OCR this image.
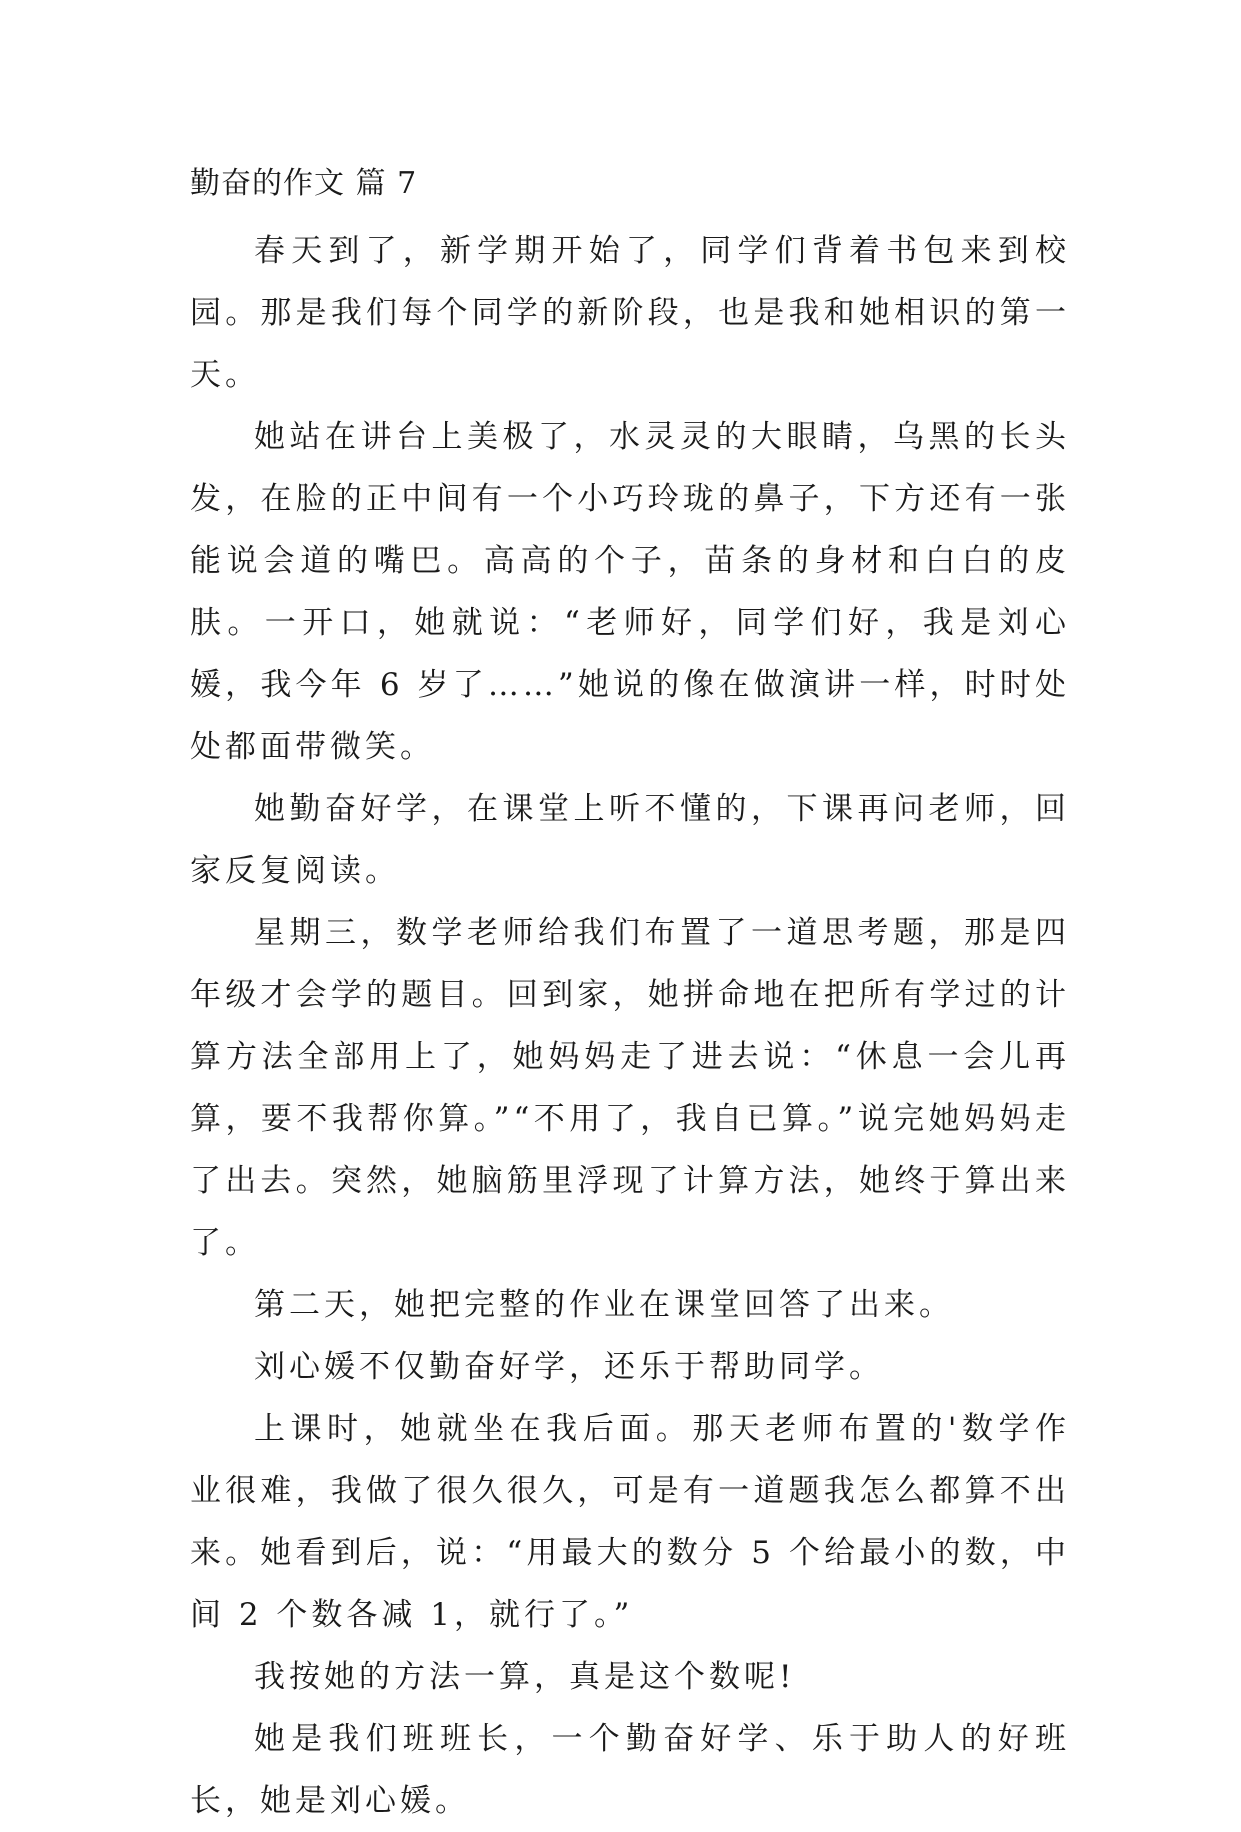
勤奋的作文 篇 7

春天到了，新学期开始了，同学们背着书包来到校园。那是我们每个同学的新阶段，也是我和她相识的第一天。

她站在讲台上美极了，水灵灵的大眼睛，乌黑的长头发，在脸的正中间有一个小巧玲珑的鼻子，下方还有一张能说会道的嘴巴。高高的个子，苗条的身材和白白的皮肤。一开口，她就说：“老师好，同学们好，我是刘心媛，我今年 6 岁了……”她说的像在做演讲一样，时时处处都面带微笑。

她勤奋好学，在课堂上听不懂的，下课再问老师，回家反复阅读。

星期三，数学老师给我们布置了一道思考题，那是四年级才会学的题目。回到家，她拼命地在把所有学过的计算方法全部用上了，她妈妈走了进去说：“休息一会儿再算，要不我帮你算。”“不用了，我自已算。”说完她妈妈走了出去。突然，她脑筋里浮现了计算方法，她终于算出来了。

第二天，她把完整的作业在课堂回答了出来。

刘心媛不仅勤奋好学，还乐于帮助同学。

上课时，她就坐在我后面。那天老师布置的'数学作业很难，我做了很久很久，可是有一道题我怎么都算不出来。她看到后，说：“用最大的数分 5 个给最小的数，中间 2 个数各减 1，就行了。”

我按她的方法一算，真是这个数呢!

她是我们班班长，一个勤奋好学、乐于助人的好班长，她是刘心媛。
